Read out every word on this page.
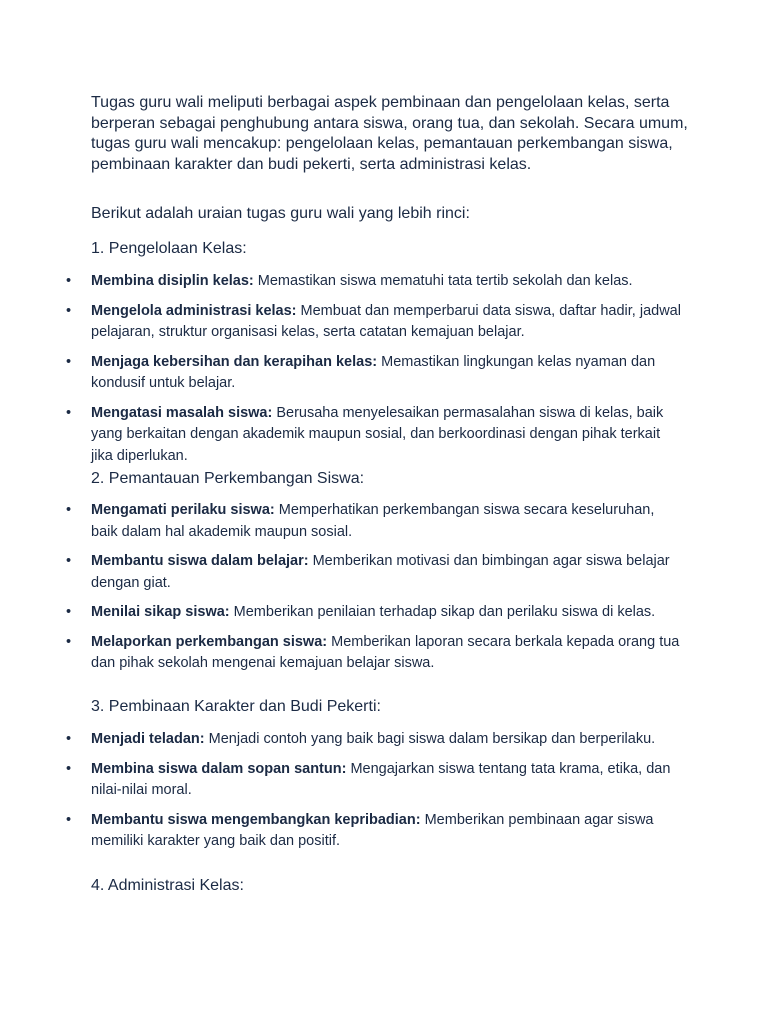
Tugas guru wali meliputi berbagai aspek pembinaan dan pengelolaan kelas, serta berperan sebagai penghubung antara siswa, orang tua, dan sekolah. Secara umum, tugas guru wali mencakup: pengelolaan kelas, pemantauan perkembangan siswa, pembinaan karakter dan budi pekerti, serta administrasi kelas.

Berikut adalah uraian tugas guru wali yang lebih rinci:

1. Pengelolaan Kelas:

• Membina disiplin kelas: Memastikan siswa mematuhi tata tertib sekolah dan kelas.
• Mengelola administrasi kelas: Membuat dan memperbarui data siswa, daftar hadir, jadwal pelajaran, struktur organisasi kelas, serta catatan kemajuan belajar.
• Menjaga kebersihan dan kerapihan kelas: Memastikan lingkungan kelas nyaman dan kondusif untuk belajar.
• Mengatasi masalah siswa: Berusaha menyelesaikan permasalahan siswa di kelas, baik yang berkaitan dengan akademik maupun sosial, dan berkoordinasi dengan pihak terkait jika diperlukan.

2. Pemantauan Perkembangan Siswa:

• Mengamati perilaku siswa: Memperhatikan perkembangan siswa secara keseluruhan, baik dalam hal akademik maupun sosial.
• Membantu siswa dalam belajar: Memberikan motivasi dan bimbingan agar siswa belajar dengan giat.
• Menilai sikap siswa: Memberikan penilaian terhadap sikap dan perilaku siswa di kelas.
• Melaporkan perkembangan siswa: Memberikan laporan secara berkala kepada orang tua dan pihak sekolah mengenai kemajuan belajar siswa.

3. Pembinaan Karakter dan Budi Pekerti:

• Menjadi teladan: Menjadi contoh yang baik bagi siswa dalam bersikap dan berperilaku.
• Membina siswa dalam sopan santun: Mengajarkan siswa tentang tata krama, etika, dan nilai-nilai moral.
• Membantu siswa mengembangkan kepribadian: Memberikan pembinaan agar siswa memiliki karakter yang baik dan positif.

4. Administrasi Kelas:
